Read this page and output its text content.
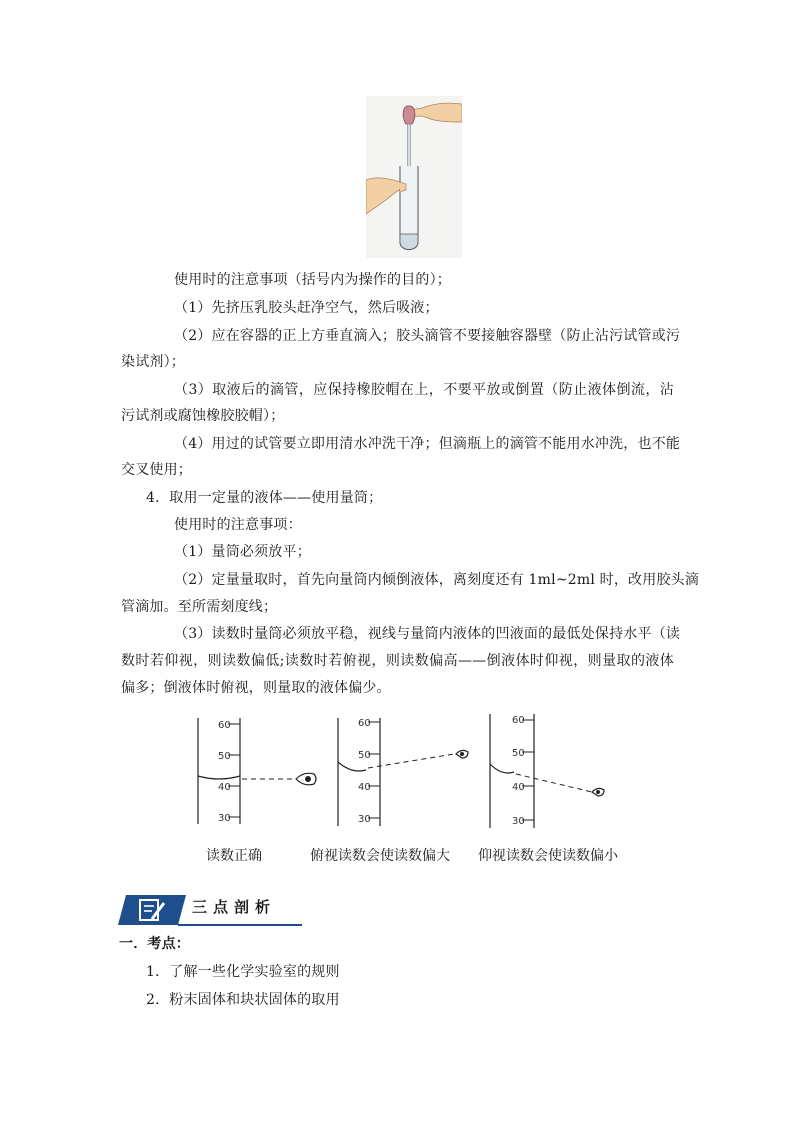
使用时的注意事项（括号内为操作的目的）；
（1）先挤压乳胶头赶净空气，然后吸液；
（2）应在容器的正上方垂直滴入；胶头滴管不要接触容器壁（防止沾污试管或污
染试剂）；
（3）取液后的滴管，应保持橡胶帽在上，不要平放或倒置（防止液体倒流，沾
污试剂或腐蚀橡胶胶帽）；
（4）用过的试管要立即用清水冲洗干净；但滴瓶上的滴管不能用水冲洗，也不能
交叉使用；
4．取用一定量的液体——使用量筒；
使用时的注意事项：
（1）量筒必须放平；
（2）定量量取时，首先向量筒内倾倒液体，离刻度还有 1ml~2ml 时，改用胶头滴
管滴加。至所需刻度线；
（3）读数时量筒必须放平稳，视线与量筒内液体的凹液面的最低处保持水平（读
数时若仰视，则读数偏低;读数时若俯视，则读数偏高——倒液体时仰视，则量取的液体
偏多；倒液体时俯视，则量取的液体偏少。
60
50
40
30
60
50
40
30
60
50
40
30
读数正确	俯视读数会使读数偏大 仰视读数会使读数偏小
三点剖析
一．考点：
1．了解一些化学实验室的规则
2．粉末固体和块状固体的取用
